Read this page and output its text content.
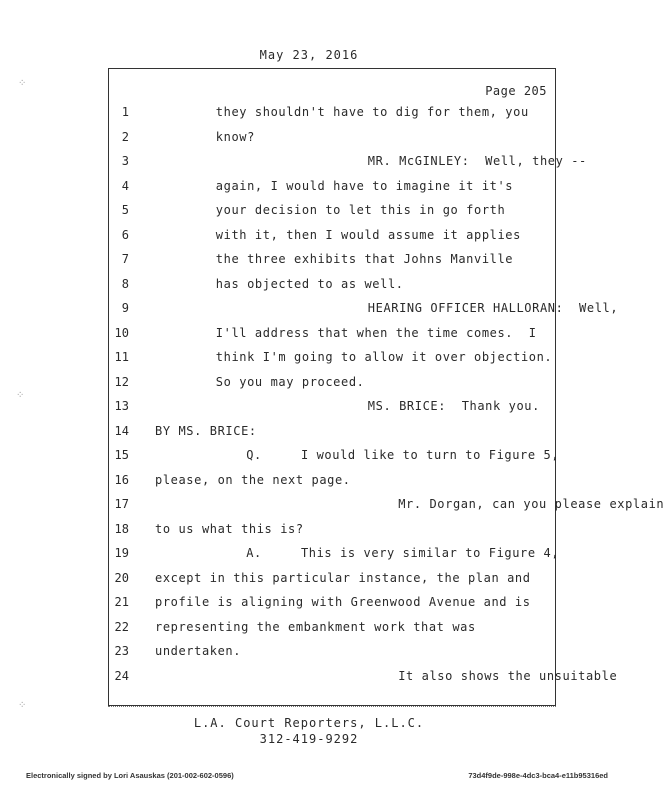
May 23, 2016
⁘
⁘
⁘
Page 205
1	they shouldn't have to dig for them, you
2	know?
3	MR. McGINLEY:  Well, they --
4	again, I would have to imagine it it's
5	your decision to let this in go forth
6	with it, then I would assume it applies
7	the three exhibits that Johns Manville
8	has objected to as well.
9	HEARING OFFICER HALLORAN:  Well,
10	I'll address that when the time comes.  I
11	think I'm going to allow it over objection.
12	So you may proceed.
13	MS. BRICE:  Thank you.
14 BY MS. BRICE:
15	Q.     I would like to turn to Figure 5,
16 please, on the next page.
17	Mr. Dorgan, can you please explain
18 to us what this is?
19	A.     This is very similar to Figure 4,
20 except in this particular instance, the plan and
21 profile is aligning with Greenwood Avenue and is
22 representing the embankment work that was
23 undertaken.
24	It also shows the unsuitable
L.A. Court Reporters, L.L.C.
312-419-9292
Electronically signed by Lori Asauskas (201-002-602-0596)	73d4f9de-998e-4dc3-bca4-e11b95316ed
